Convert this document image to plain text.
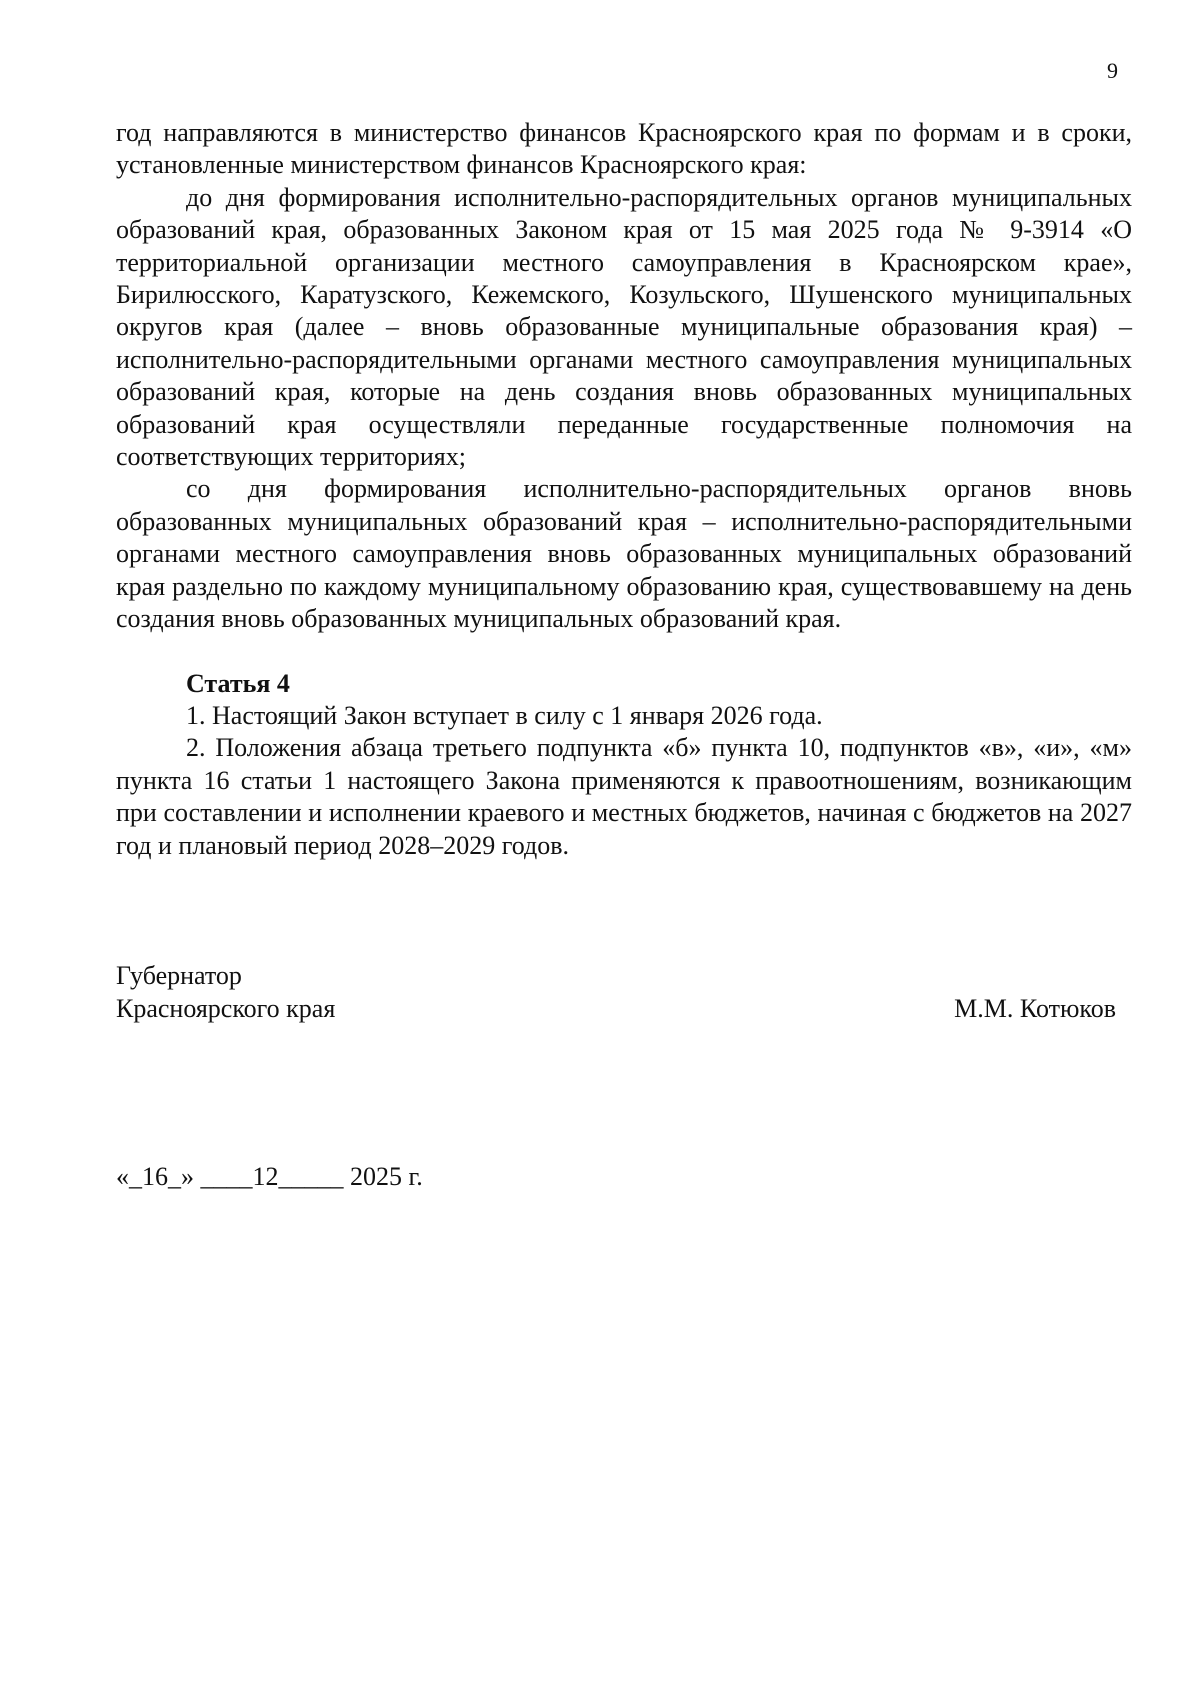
9

год направляются в министерство финансов Красноярского края по формам и в сроки, установленные министерством финансов Красноярского края:

до дня формирования исполнительно-распорядительных органов муниципальных образований края, образованных Законом края от 15 мая 2025 года № 9-3914 «О территориальной организации местного самоуправления в Красноярском крае», Бирилюсского, Каратузского, Кежемского, Козульского, Шушенского муниципальных округов края (далее – вновь образованные муниципальные образования края) – исполнительно-распорядительными органами местного самоуправления муниципальных образований края, которые на день создания вновь образованных муниципальных образований края осуществляли переданные государственные полномочия на соответствующих территориях;

со дня формирования исполнительно-распорядительных органов вновь образованных муниципальных образований края – исполнительно-распорядительными органами местного самоуправления вновь образованных муниципальных образований края раздельно по каждому муниципальному образованию края, существовавшему на день создания вновь образованных муниципальных образований края.

Статья 4

1. Настоящий Закон вступает в силу с 1 января 2026 года.

2. Положения абзаца третьего подпункта «б» пункта 10, подпунктов «в», «и», «м» пункта 16 статьи 1 настоящего Закона применяются к правоотношениям, возникающим при составлении и исполнении краевого и местных бюджетов, начиная с бюджетов на 2027 год и плановый период 2028–2029 годов.

Губернатор
Красноярского края	М.М. Котюков
«_16_» ____12_____ 2025 г.
